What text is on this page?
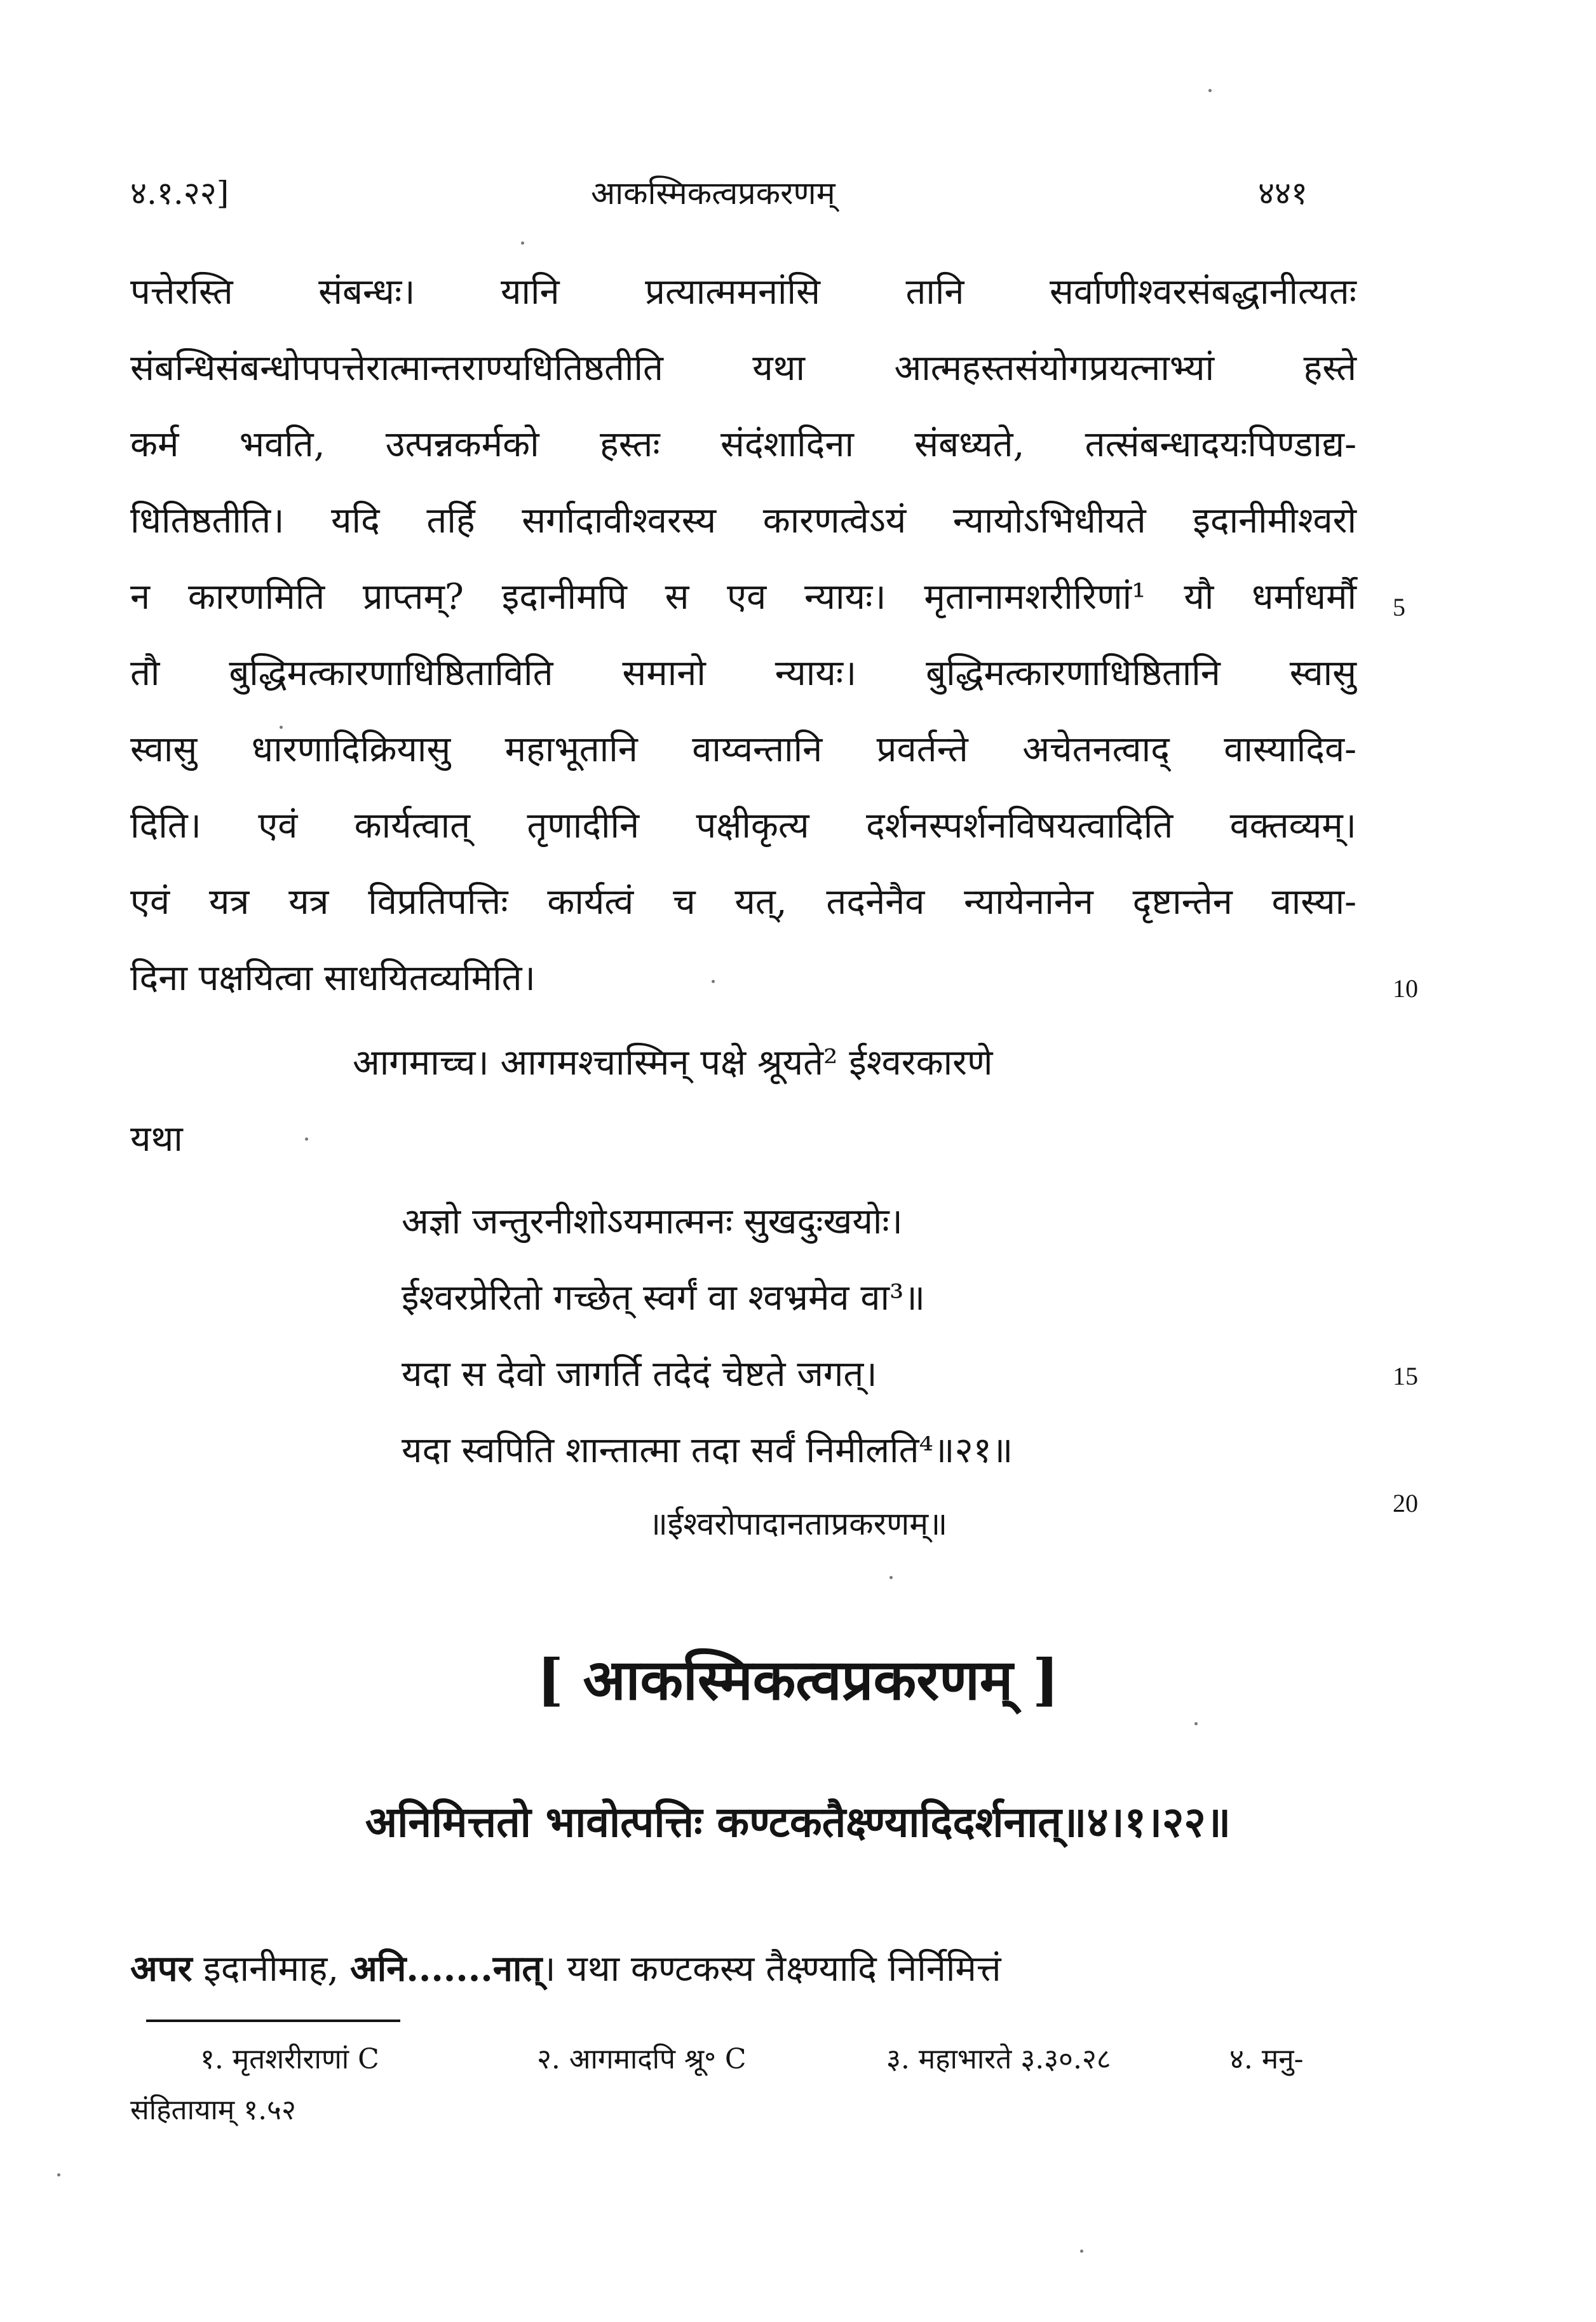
४.१.२२]	आकस्मिकत्वप्रकरणम्	४४१
पत्तेरस्ति संबन्धः। यानि प्रत्यात्ममनांसि तानि सर्वाणीश्वरसंबद्धानीत्यतः
संबन्धिसंबन्धोपपत्तेरात्मान्तराण्यधितिष्ठतीति यथा आत्महस्तसंयोगप्रयत्नाभ्यां हस्ते
कर्म भवति, उत्पन्नकर्मको हस्तः संदंशादिना संबध्यते, तत्संबन्धादयःपिण्डाद्य-
धितिष्ठतीति। यदि तर्हि सर्गादावीश्वरस्य कारणत्वेऽयं न्यायोऽभिधीयते इदानीमीश्वरो
न कारणमिति प्राप्तम्? इदानीमपि स एव न्यायः। मृतानामशरीरिणां¹ यौ धर्माधर्मौ
तौ बुद्धिमत्कारणाधिष्ठिताविति समानो न्यायः। बुद्धिमत्कारणाधिष्ठितानि स्वासु
स्वासु धारणादिक्रियासु महाभूतानि वाय्वन्तानि प्रवर्तन्ते अचेतनत्वाद् वास्यादिव-
दिति। एवं कार्यत्वात् तृणादीनि पक्षीकृत्य दर्शनस्पर्शनविषयत्वादिति वक्तव्यम्।
एवं यत्र यत्र विप्रतिपत्तिः कार्यत्वं च यत्, तदनेनैव न्यायेनानेन दृष्टान्तेन वास्या-
दिना पक्षयित्वा साधयितव्यमिति।
5
10
15
20
आगमाच्च। आगमश्चास्मिन् पक्षे श्रूयते² ईश्वरकारणे
यथा
अज्ञो जन्तुरनीशोऽयमात्मनः सुखदुःखयोः।
ईश्वरप्रेरितो गच्छेत् स्वर्गं वा श्वभ्रमेव वा³॥
यदा स देवो जागर्ति तदेदं चेष्टते जगत्।
यदा स्वपिति शान्तात्मा तदा सर्वं निमीलति⁴॥२१॥
॥ईश्वरोपादानताप्रकरणम्॥
[ आकस्मिकत्वप्रकरणम् ]
अनिमित्ततो भावोत्पत्तिः कण्टकतैक्ष्ण्यादिदर्शनात्॥४।१।२२॥
अपर इदानीमाह, अनि.......नात्। यथा कण्टकस्य तैक्ष्ण्यादि निर्निमित्तं
१. मृतशरीराणां C	२. आगमादपि श्रू॰ C	३. महाभारते ३.३०.२८	४. मनु-
संहितायाम् १.५२
